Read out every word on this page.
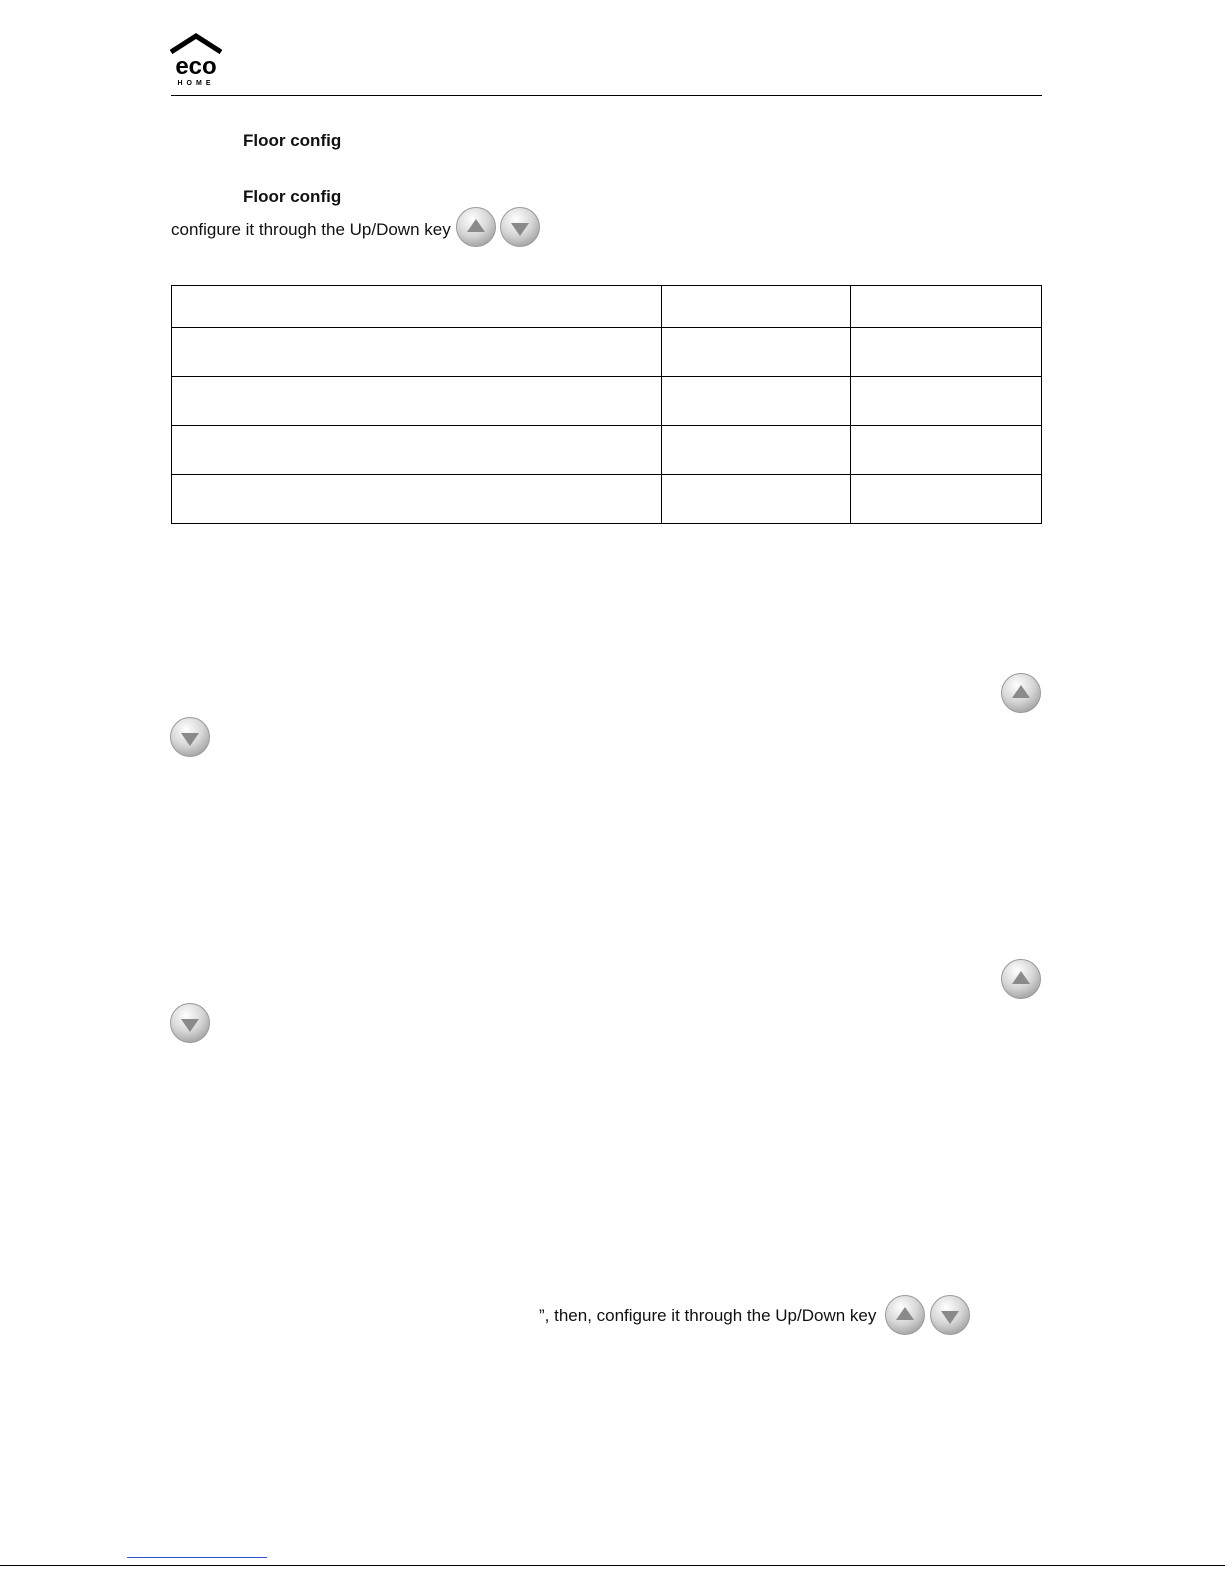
eco
HOME
Floor config
Floor config
configure it through the Up/Down key

”, then, configure it through the Up/Down key
